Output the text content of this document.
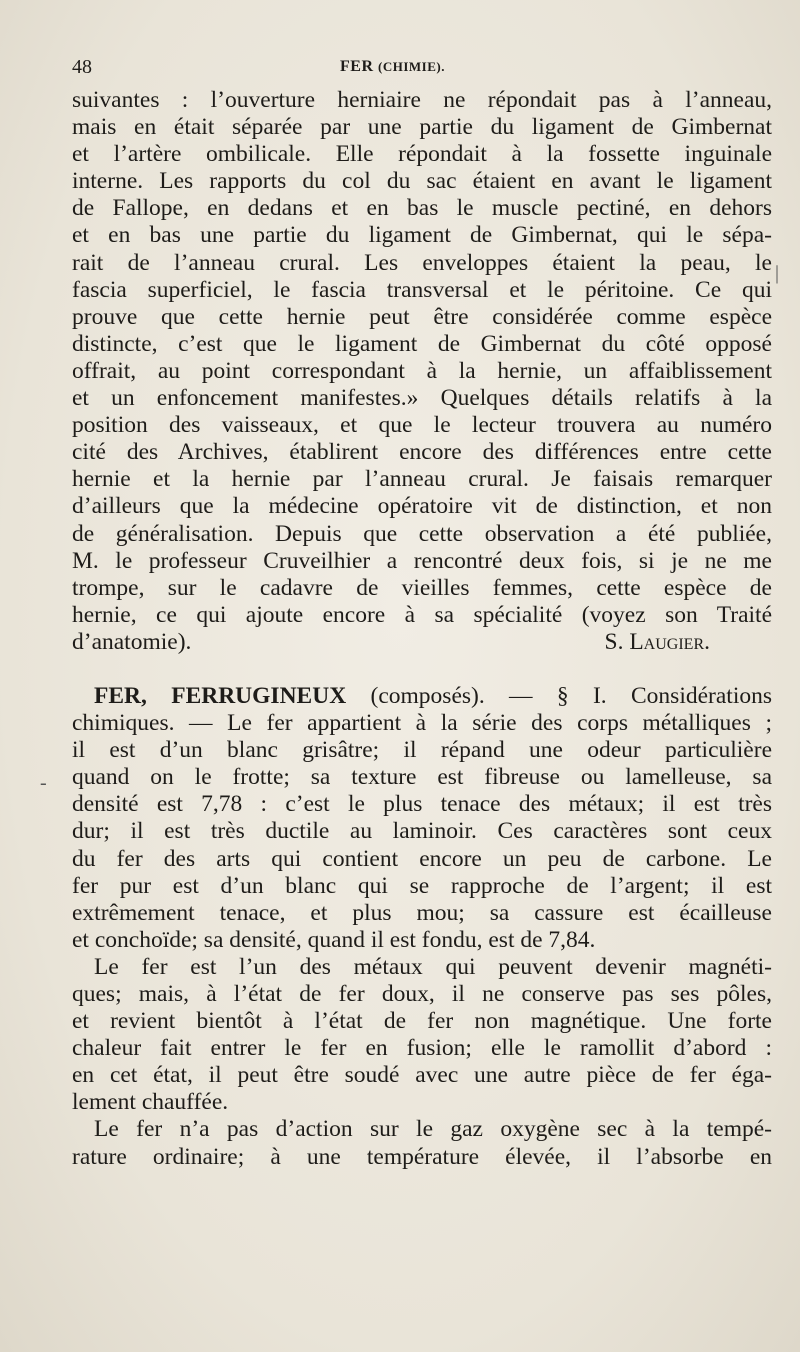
48	FER (CHIMIE).
|
-
suivantes : l’ouverture herniaire ne répondait pas à l’anneau,
mais en était séparée par une partie du ligament de Gimbernat
et l’artère ombilicale. Elle répondait à la fossette inguinale
interne. Les rapports du col du sac étaient en avant le ligament
de Fallope, en dedans et en bas le muscle pectiné, en dehors
et en bas une partie du ligament de Gimbernat, qui le sépa-
rait de l’anneau crural. Les enveloppes étaient la peau, le
fascia superficiel, le fascia transversal et le péritoine. Ce qui
prouve que cette hernie peut être considérée comme espèce
distincte, c’est que le ligament de Gimbernat du côté opposé
offrait, au point correspondant à la hernie, un affaiblissement
et un enfoncement manifestes.» Quelques détails relatifs à la
position des vaisseaux, et que le lecteur trouvera au numéro
cité des Archives, établirent encore des différences entre cette
hernie et la hernie par l’anneau crural. Je faisais remarquer
d’ailleurs que la médecine opératoire vit de distinction, et non
de généralisation. Depuis que cette observation a été publiée,
M. le professeur Cruveilhier a rencontré deux fois, si je ne me
trompe, sur le cadavre de vieilles femmes, cette espèce de
hernie, ce qui ajoute encore à sa spécialité (voyez son Traité
d’anatomie).	S. Laugier.
FER, FERRUGINEUX (composés). — § I. Considérations
chimiques. — Le fer appartient à la série des corps métalliques ;
il est d’un blanc grisâtre; il répand une odeur particulière
quand on le frotte; sa texture est fibreuse ou lamelleuse, sa
densité est 7,78 : c’est le plus tenace des métaux; il est très
dur; il est très ductile au laminoir. Ces caractères sont ceux
du fer des arts qui contient encore un peu de carbone. Le
fer pur est d’un blanc qui se rapproche de l’argent; il est
extrêmement tenace, et plus mou; sa cassure est écailleuse
et conchoïde; sa densité, quand il est fondu, est de 7,84.
Le fer est l’un des métaux qui peuvent devenir magnéti-
ques; mais, à l’état de fer doux, il ne conserve pas ses pôles,
et revient bientôt à l’état de fer non magnétique. Une forte
chaleur fait entrer le fer en fusion; elle le ramollit d’abord :
en cet état, il peut être soudé avec une autre pièce de fer éga-
lement chauffée.
Le fer n’a pas d’action sur le gaz oxygène sec à la tempé-
rature ordinaire; à une température élevée, il l’absorbe en
